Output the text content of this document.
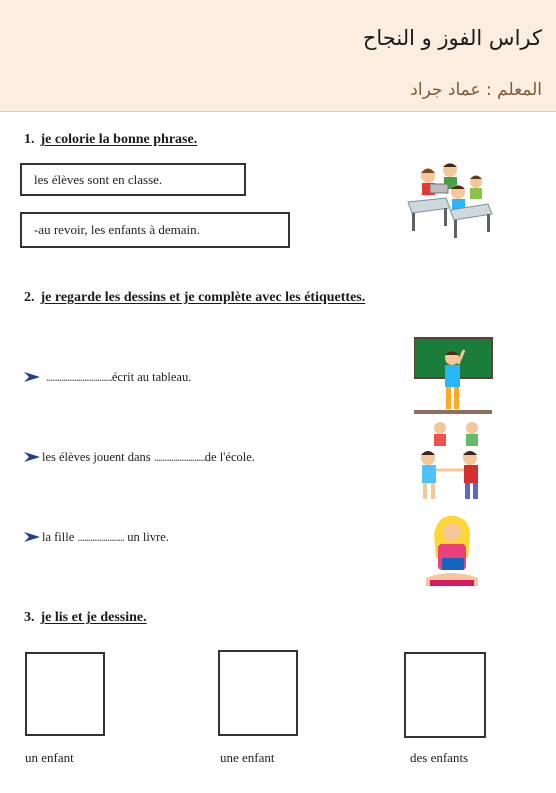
كراس الفوز و النجاح
المعلم : عماد جراد
1. je colorie la bonne phrase.
les élèves sont en classe.
-au revoir, les enfants à demain.
2. je regarde les dessins et je complète avec les étiquettes.
...............................écrit au tableau.
les élèves jouent dans ........................de l'école.
la fille ...................... un livre.
3. je lis et je dessine.
un enfant	une enfant	des enfants
